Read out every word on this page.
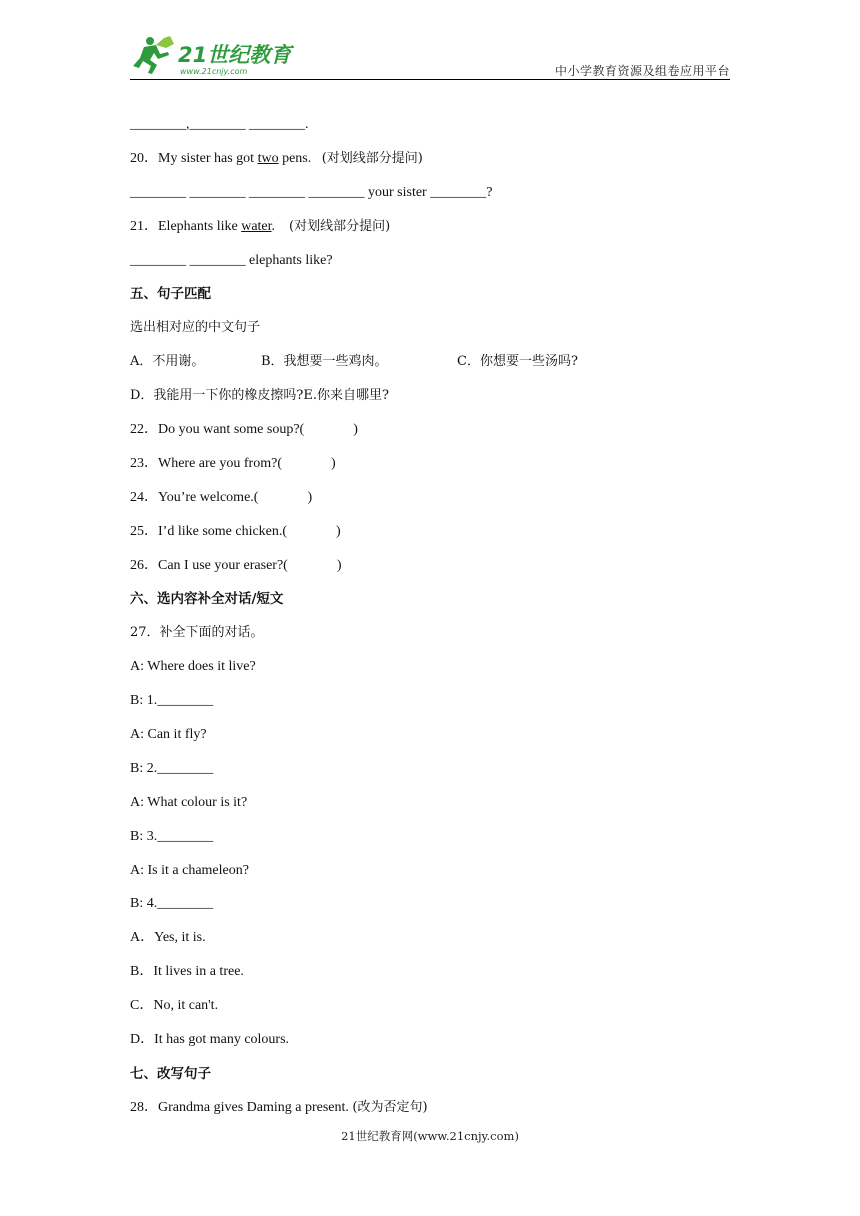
21世纪教育
www.21cnjy.com	中小学教育资源及组卷应用平台
________,________ ________.
20．My sister has got two pens.   (对划线部分提问)
________ ________ ________ ________ your sister ________?
21．Elephants like water.    (对划线部分提问)
________ ________ elephants like?
五、句子匹配
选出相对应的中文句子
A．不用谢。	B．我想要一些鸡肉。	C．你想要一些汤吗?
D．我能用一下你的橡皮擦吗?E.你来自哪里?
22．Do you want some soup?(              )
23．Where are you from?(              )
24．You’re welcome.(              )
25．I’d like some chicken.(              )
26．Can I use your eraser?(              )
六、选内容补全对话/短文
27．补全下面的对话。
A: Where does it live?
B: 1.________
A: Can it fly?
B: 2.________
A: What colour is it?
B: 3.________
A: Is it a chameleon?
B: 4.________
A．Yes, it is.
B．It lives in a tree.
C．No, it can't.
D．It has got many colours.
七、改写句子
28．Grandma gives Daming a present. (改为否定句)
21世纪教育网(www.21cnjy.com)
